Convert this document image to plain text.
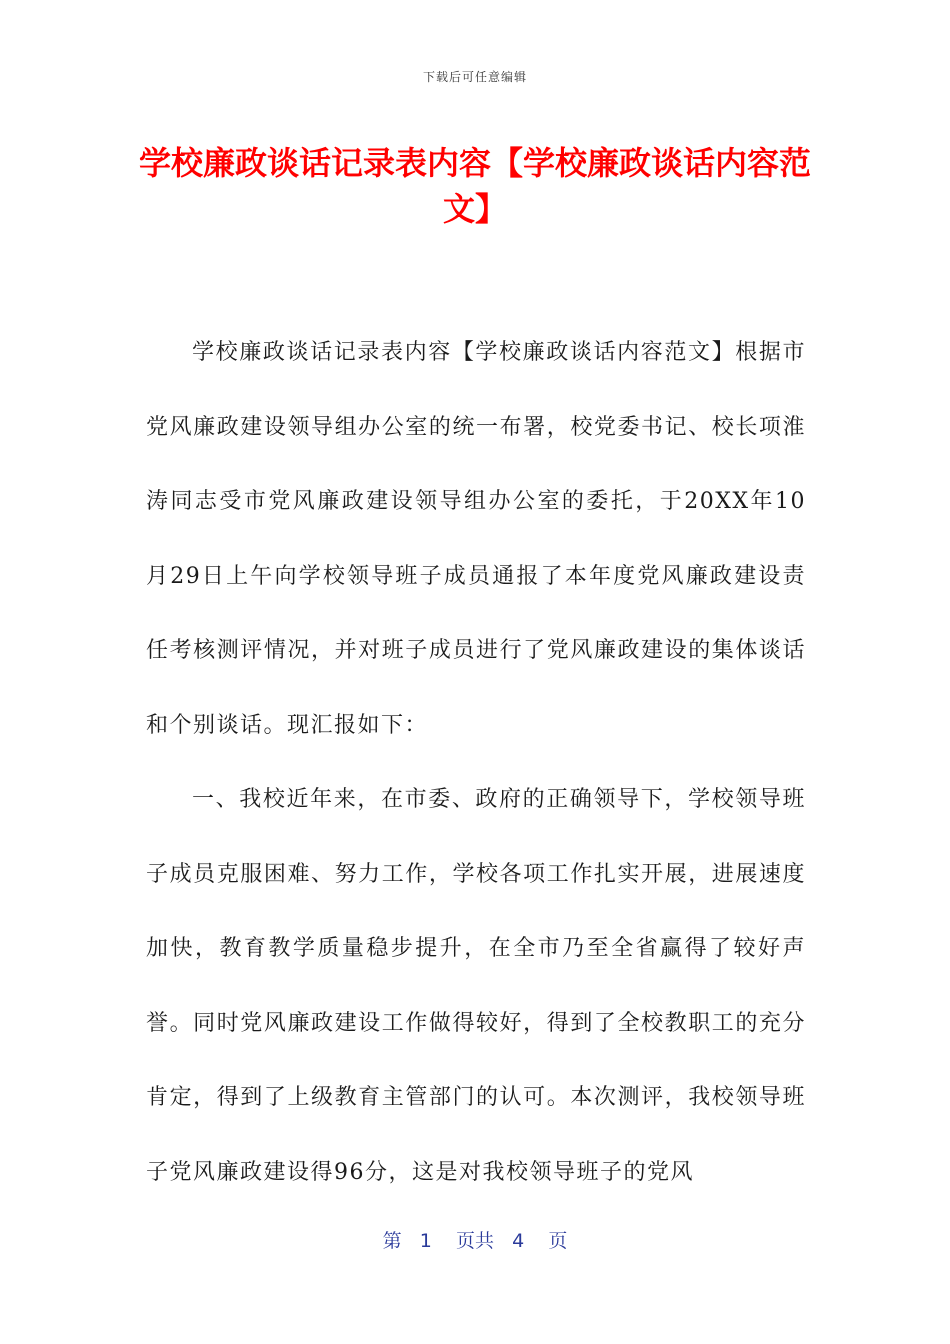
下载后可任意编辑
学校廉政谈话记录表内容【学校廉政谈话内容范文】

学校廉政谈话记录表内容【学校廉政谈话内容范文】根据市党风廉政建设领导组办公室的统一布署，校党委书记、校长项淮涛同志受市党风廉政建设领导组办公室的委托，于20XX年10月29日上午向学校领导班子成员通报了本年度党风廉政建设责任考核测评情况，并对班子成员进行了党风廉政建设的集体谈话和个别谈话。现汇报如下：

一、我校近年来，在市委、政府的正确领导下，学校领导班子成员克服困难、努力工作，学校各项工作扎实开展，进展速度加快，教育教学质量稳步提升，在全市乃至全省赢得了较好声誉。同时党风廉政建设工作做得较好，得到了全校教职工的充分肯定，得到了上级教育主管部门的认可。本次测评，我校领导班子党风廉政建设得96分，这是对我校领导班子的党风

第 1 页共 4 页
